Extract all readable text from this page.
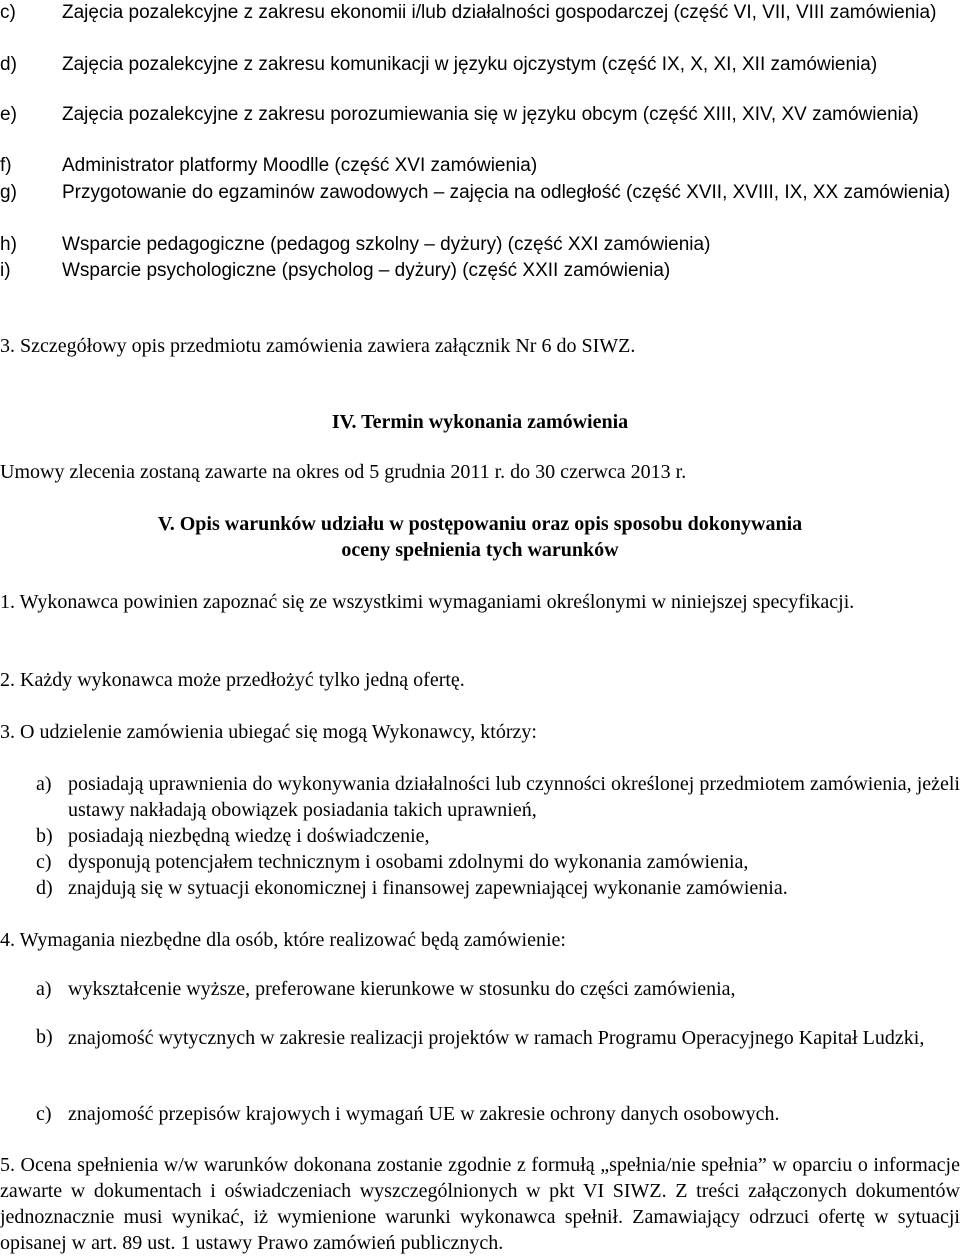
c)	Zajęcia pozalekcyjne z zakresu ekonomii i/lub działalności gospodarczej (część VI, VII, VIII zamówienia)
d)	Zajęcia pozalekcyjne z zakresu komunikacji w języku ojczystym (część IX, X, XI, XII zamówienia)
e)	Zajęcia pozalekcyjne z zakresu porozumiewania się w języku obcym (część XIII, XIV, XV zamówienia)
f)	Administrator platformy Moodlle (część XVI zamówienia)
g)	Przygotowanie do egzaminów zawodowych – zajęcia na odległość (część XVII, XVIII, IX, XX zamówienia)
h)	Wsparcie pedagogiczne (pedagog szkolny – dyżury) (część XXI zamówienia)
i)	Wsparcie psychologiczne (psycholog – dyżury) (część XXII zamówienia)
3. Szczegółowy opis przedmiotu zamówienia zawiera załącznik Nr 6 do SIWZ.
IV. Termin wykonania zamówienia
Umowy zlecenia zostaną zawarte na okres od 5 grudnia 2011 r. do 30 czerwca 2013 r.
V. Opis warunków udziału w postępowaniu oraz opis sposobu dokonywania
oceny spełnienia tych warunków
1. Wykonawca powinien zapoznać się ze wszystkimi wymaganiami określonymi w niniejszej specyfikacji.
2. Każdy wykonawca może przedłożyć tylko jedną ofertę.
3. O udzielenie zamówienia ubiegać się mogą Wykonawcy, którzy:
a) posiadają uprawnienia do wykonywania działalności lub czynności określonej przedmiotem zamówienia, jeżeli ustawy nakładają obowiązek posiadania takich uprawnień,
b) posiadają niezbędną wiedzę i doświadczenie,
c) dysponują potencjałem technicznym i osobami zdolnymi do wykonania zamówienia,
d) znajdują się w sytuacji ekonomicznej i finansowej zapewniającej wykonanie zamówienia.
4. Wymagania niezbędne dla osób, które realizować będą zamówienie:
a) wykształcenie wyższe, preferowane kierunkowe w stosunku do części zamówienia,
b) znajomość wytycznych w zakresie realizacji projektów w ramach Programu Operacyjnego Kapitał Ludzki,
c) znajomość przepisów krajowych i wymagań UE w zakresie ochrony danych osobowych.
5. Ocena spełnienia w/w warunków dokonana zostanie zgodnie z formułą „spełnia/nie spełnia” w oparciu o informacje zawarte w dokumentach i oświadczeniach wyszczególnionych w pkt VI SIWZ. Z treści załączonych dokumentów jednoznacznie musi wynikać, iż wymienione warunki wykonawca spełnił. Zamawiający odrzuci ofertę w sytuacji opisanej w art. 89 ust. 1 ustawy Prawo zamówień publicznych.
